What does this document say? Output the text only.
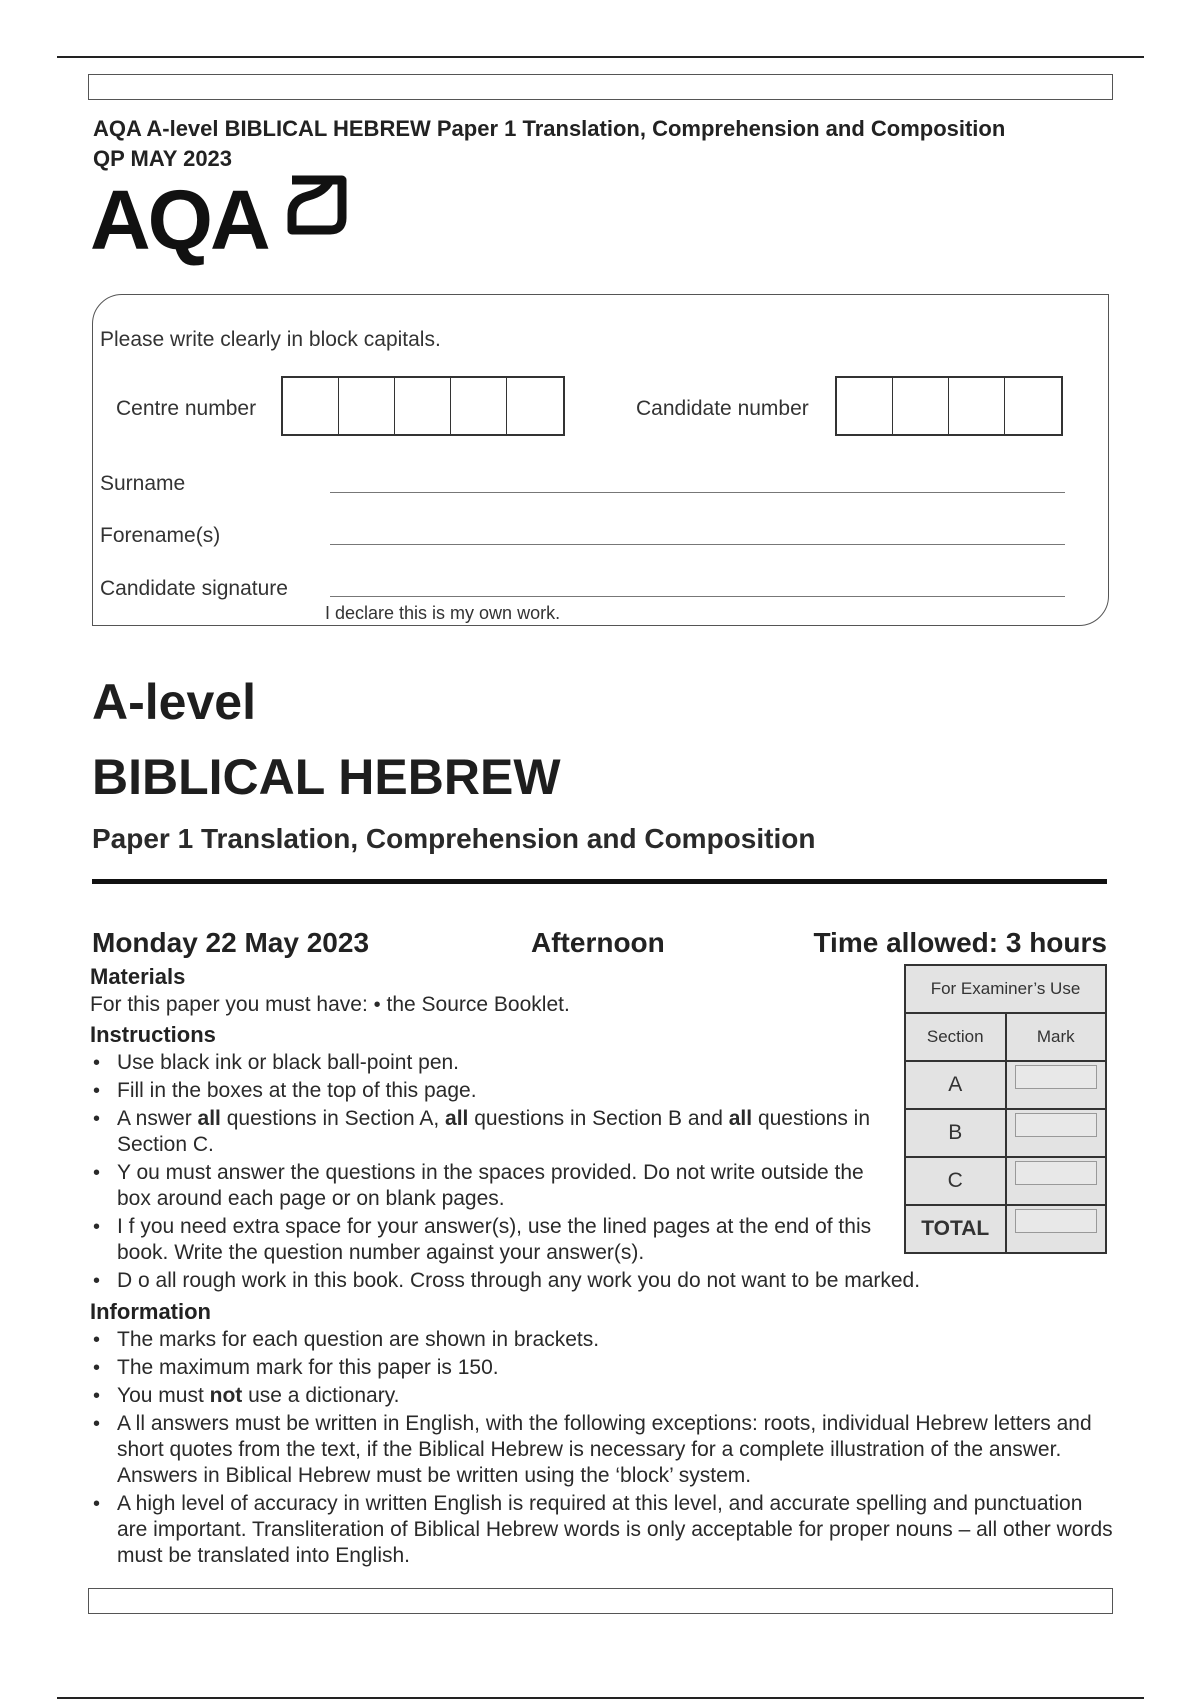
AQA A-level BIBLICAL HEBREW Paper 1 Translation, Comprehension and Composition
QP MAY 2023
AQA
Please write clearly in block capitals.
Centre number	Candidate number
Surname
Forename(s)
Candidate signature
I declare this is my own work.
A-level
BIBLICAL HEBREW
Paper 1 Translation, Comprehension and Composition
Monday 22 May 2023	Afternoon	Time allowed: 3 hours
Materials
For this paper you must have: • the Source Booklet.
Instructions
• Use black ink or black ball-point pen.
• Fill in the boxes at the top of this page.
• A nswer all questions in Section A, all questions in Section B and all questions in Section C.
• Y ou must answer the questions in the spaces provided. Do not write outside the box around each page or on blank pages.
• I f you need extra space for your answer(s), use the lined pages at the end of this book. Write the question number against your answer(s).
• D o all rough work in this book. Cross through any work you do not want to be marked.
Information
• The marks for each question are shown in brackets.
• The maximum mark for this paper is 150.
• You must not use a dictionary.
• A ll answers must be written in English, with the following exceptions: roots, individual Hebrew letters and short quotes from the text, if the Biblical Hebrew is necessary for a complete illustration of the answer. Answers in Biblical Hebrew must be written using the ‘block’ system.
• A high level of accuracy in written English is required at this level, and accurate spelling and punctuation are important. Transliteration of Biblical Hebrew words is only acceptable for proper nouns – all other words must be translated into English.
For Examiner’s Use	
Section	Mark
A	

B	

C	

TOTAL	
